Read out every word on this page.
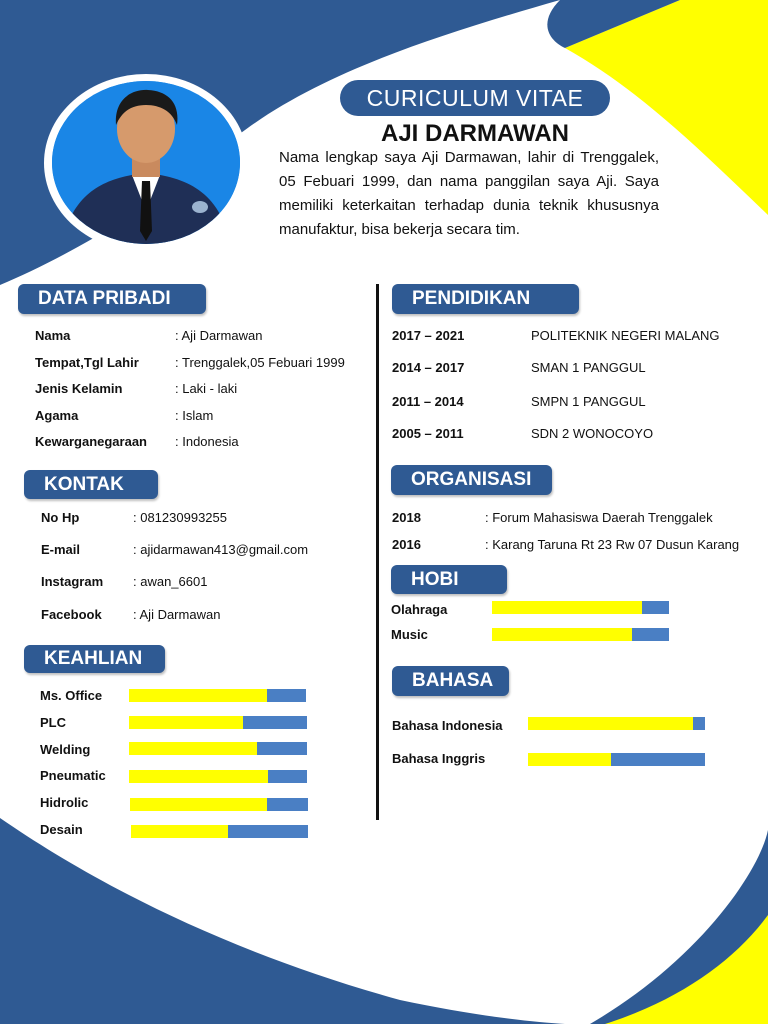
CURICULUM VITAE
AJI DARMAWAN
Nama lengkap saya Aji Darmawan, lahir di Trenggalek, 05 Febuari 1999, dan nama panggilan saya Aji. Saya memiliki keterkaitan terhadap dunia teknik khususnya manufaktur, bisa bekerja secara tim.
DATA PRIBADI
Nama	: Aji Darmawan
Tempat,Tgl Lahir	: Trenggalek,05 Febuari 1999
Jenis Kelamin	: Laki - laki
Agama	: Islam
Kewarganegaraan : Indonesia
KONTAK
No Hp	: 081230993255
E-mail	: ajidarmawan413@gmail.com
Instagram : awan_6601
Facebook : Aji Darmawan
KEAHLIAN
Ms. Office
PLC
Welding
Pneumatic
Hidrolic
Desain
PENDIDIKAN
2017 – 2021	POLITEKNIK NEGERI MALANG
2014 – 2017	SMAN 1 PANGGUL
2011 – 2014	SMPN 1 PANGGUL
2005 – 2011	SDN 2 WONOCOYO
ORGANISASI
2018	: Forum Mahasiswa Daerah Trenggalek
2016	: Karang Taruna Rt 23 Rw 07 Dusun Karang
HOBI
Olahraga
Music
BAHASA
Bahasa Indonesia
Bahasa Inggris
